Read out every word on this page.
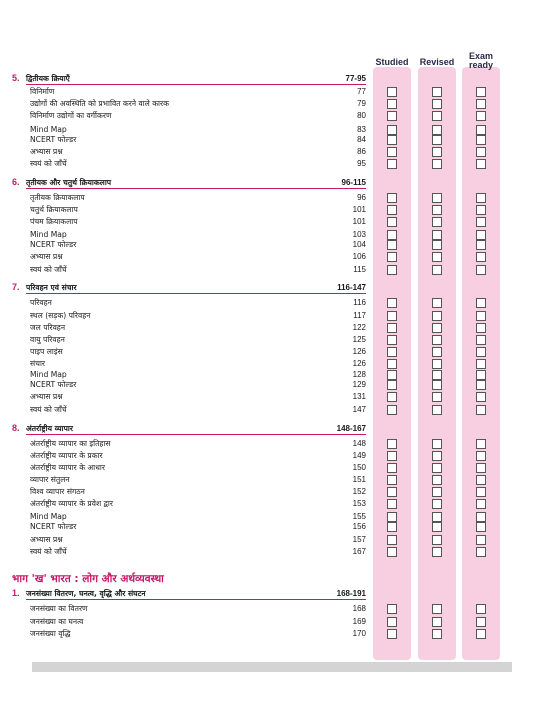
Studied	Revised
Exam ready
भाग 'ख' भारत : लोग और अर्थव्यवस्था
5. द्वितीयक क्रियाएँ	77-95
विनिर्माण	77
उद्योगों की अवस्थिति को प्रभावित करने वाले कारक	79
विनिर्माण उद्योगों का वर्गीकरण	80
Mind Map	83
NCERT फोल्डर	84
अभ्यास प्रश्न	86
स्वयं को जाँचें	95
6. तृतीयक और चतुर्थ क्रियाकलाप	96-115
तृतीयक क्रियाकलाप	96
चतुर्थ क्रियाकलाप	101
पंचम क्रियाकलाप	101
Mind Map	103
NCERT फोल्डर	104
अभ्यास प्रश्न	106
स्वयं को जाँचें	115
7. परिवहन एवं संचार	116-147
परिवहन	116
स्थल (सड़क) परिवहन	117
जल परिवहन	122
वायु परिवहन	125
पाइप लाइंस	126
संचार	126
Mind Map	128
NCERT फोल्डर	129
अभ्यास प्रश्न	131
स्वयं को जाँचें	147
8. अंतर्राष्ट्रीय व्यापार	148-167
अंतर्राष्ट्रीय व्यापार का इतिहास	148
अंतर्राष्ट्रीय व्यापार के प्रकार	149
अंतर्राष्ट्रीय व्यापार के आधार	150
व्यापार संतुलन	151
विश्व व्यापार संगठन	152
अंतर्राष्ट्रीय व्यापार के प्रवेश द्वार	153
Mind Map	155
NCERT फोल्डर	156
अभ्यास प्रश्न	157
स्वयं को जाँचें	167
1. जनसंख्या वितरण, घनत्व, वृद्धि और संघटन	168-191
जनसंख्या का वितरण	168
जनसंख्या का घनत्व	169
जनसंख्या वृद्धि	170
